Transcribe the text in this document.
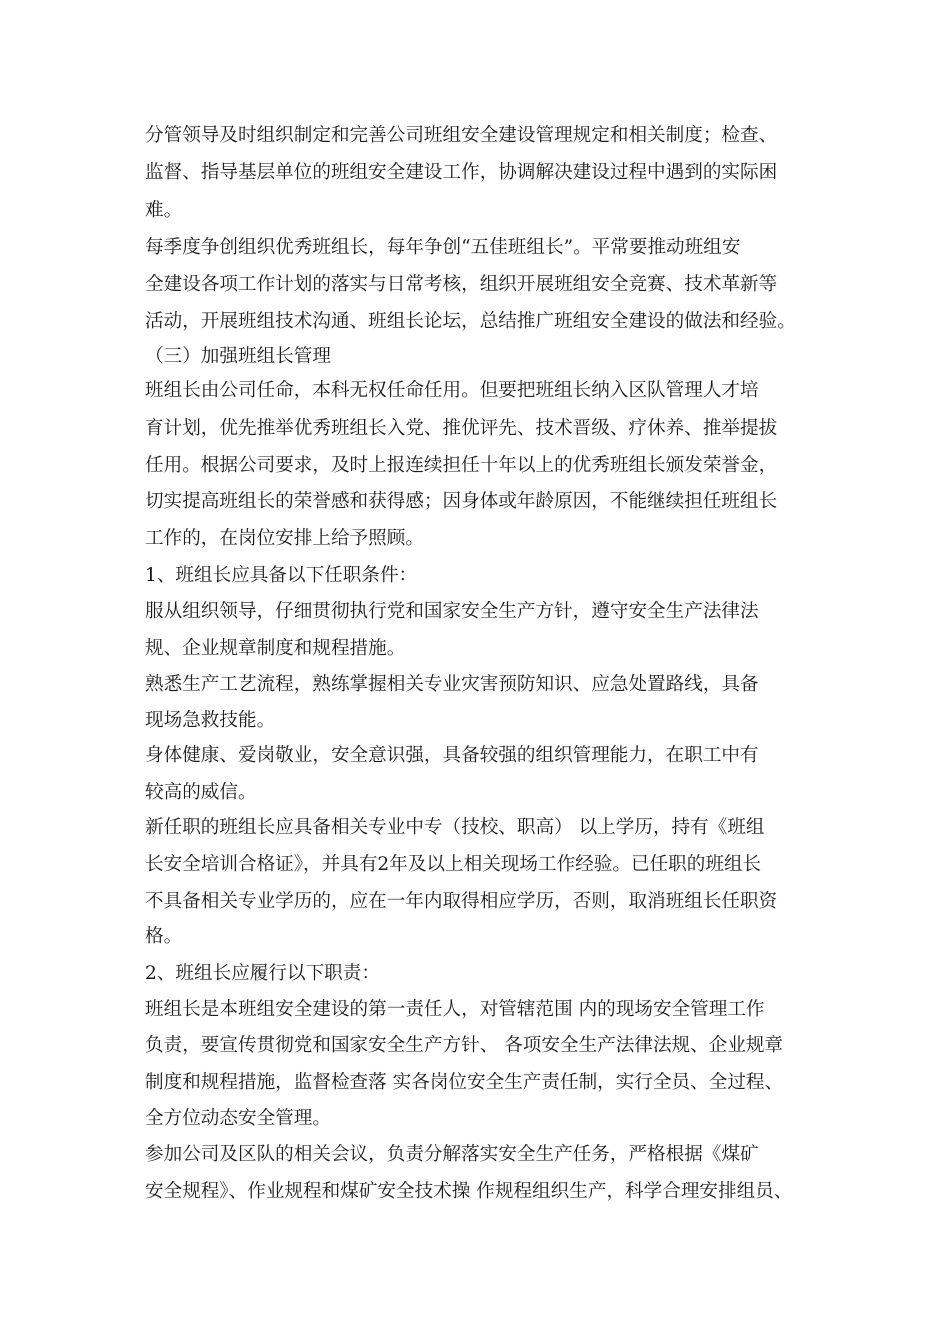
分管领导及时组织制定和完善公司班组安全建设管理规定和相关制度；检查、
监督、指导基层单位的班组安全建设工作，协调解决建设过程中遇到的实际困
难。
每季度争创组织优秀班组长，每年争创“五佳班组长”。平常要推动班组安
全建设各项工作计划的落实与日常考核，组织开展班组安全竞赛、技术革新等
活动，开展班组技术沟通、班组长论坛，总结推广班组安全建设的做法和经验。
（三）加强班组长管理
班组长由公司任命，本科无权任命任用。但要把班组长纳入区队管理人才培
育计划，优先推举优秀班组长入党、推优评先、技术晋级、疗休养、推举提拔
任用。根据公司要求，及时上报连续担任十年以上的优秀班组长颁发荣誉金，
切实提高班组长的荣誉感和获得感；因身体或年龄原因，不能继续担任班组长
工作的，在岗位安排上给予照顾。
1、班组长应具备以下任职条件：
服从组织领导，仔细贯彻执行党和国家安全生产方针，遵守安全生产法律法
规、企业规章制度和规程措施。
熟悉生产工艺流程，熟练掌握相关专业灾害预防知识、应急处置路线，具备
现场急救技能。
身体健康、爱岗敬业，安全意识强，具备较强的组织管理能力，在职工中有
较高的威信。
新任职的班组长应具备相关专业中专（技校、职高） 以上学历，持有《班组
长安全培训合格证》，并具有2年及以上相关现场工作经验。已任职的班组长
不具备相关专业学历的，应在一年内取得相应学历，否则，取消班组长任职资
格。
2、班组长应履行以下职责：
班组长是本班组安全建设的第一责任人，对管辖范围 内的现场安全管理工作
负责，要宣传贯彻党和国家安全生产方针、 各项安全生产法律法规、企业规章
制度和规程措施，监督检查落 实各岗位安全生产责任制，实行全员、全过程、
全方位动态安全管理。
参加公司及区队的相关会议，负责分解落实安全生产任务，严格根据《煤矿
安全规程》、作业规程和煤矿安全技术操 作规程组织生产，科学合理安排组员、
